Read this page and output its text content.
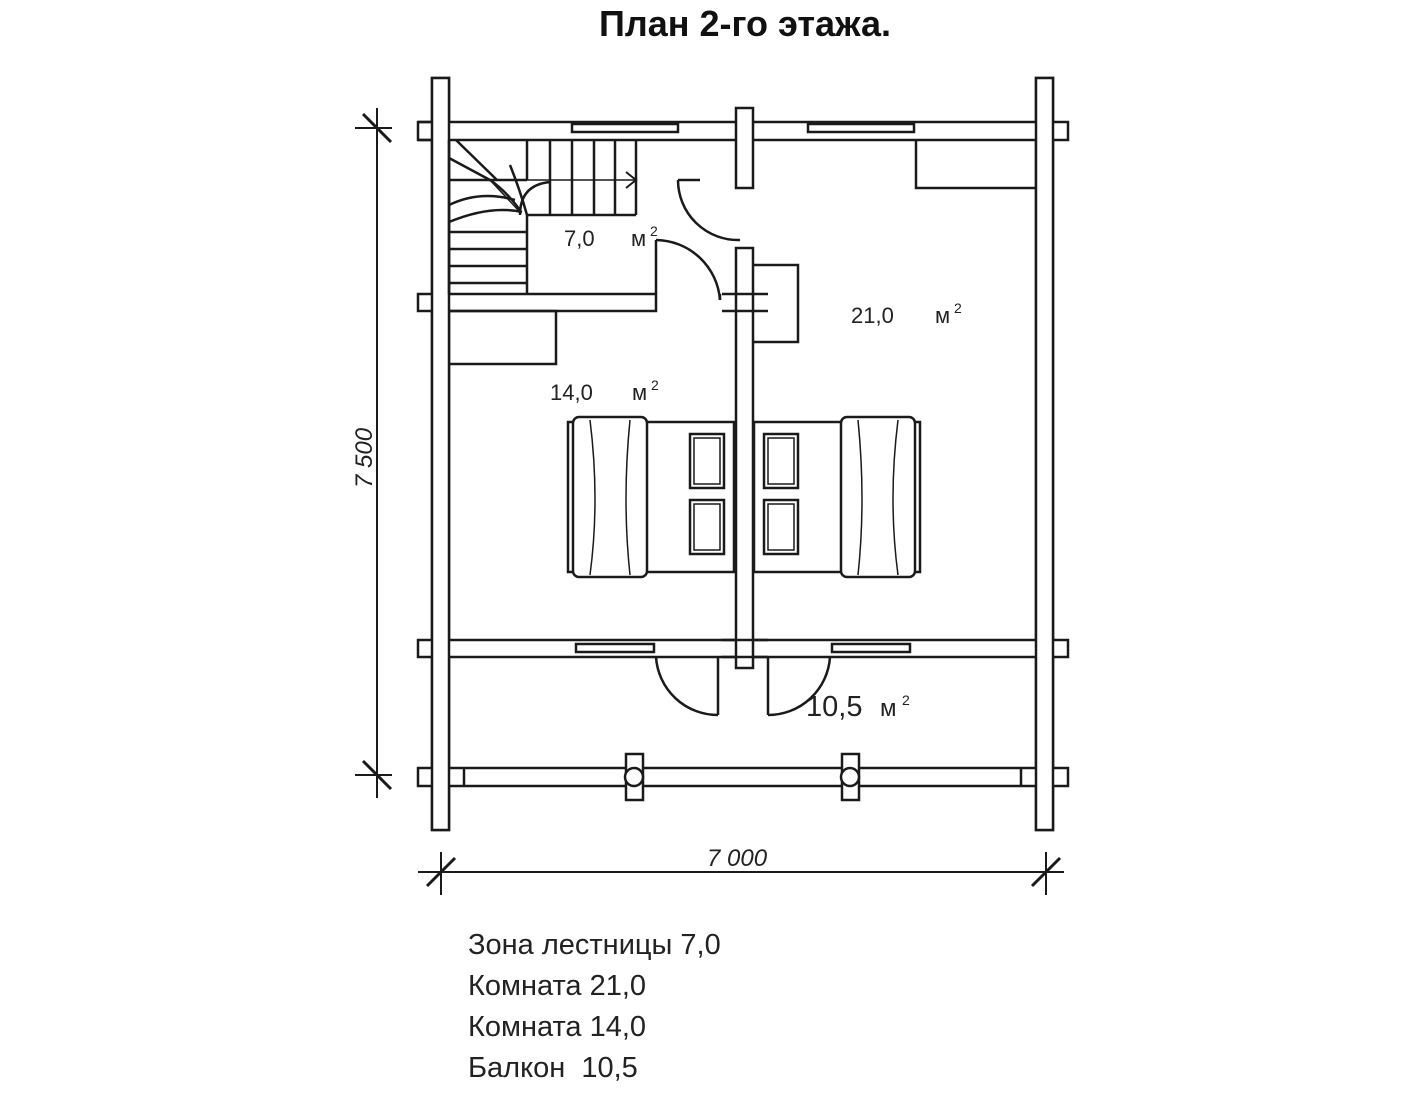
План 2-го этажа.
7 500
7 000
7,0 м 2
21,0 м 2
14,0 м 2
10,5 м 2
Зона лестницы 7,0
Комната 21,0
Комната 14,0
Балкон  10,5
